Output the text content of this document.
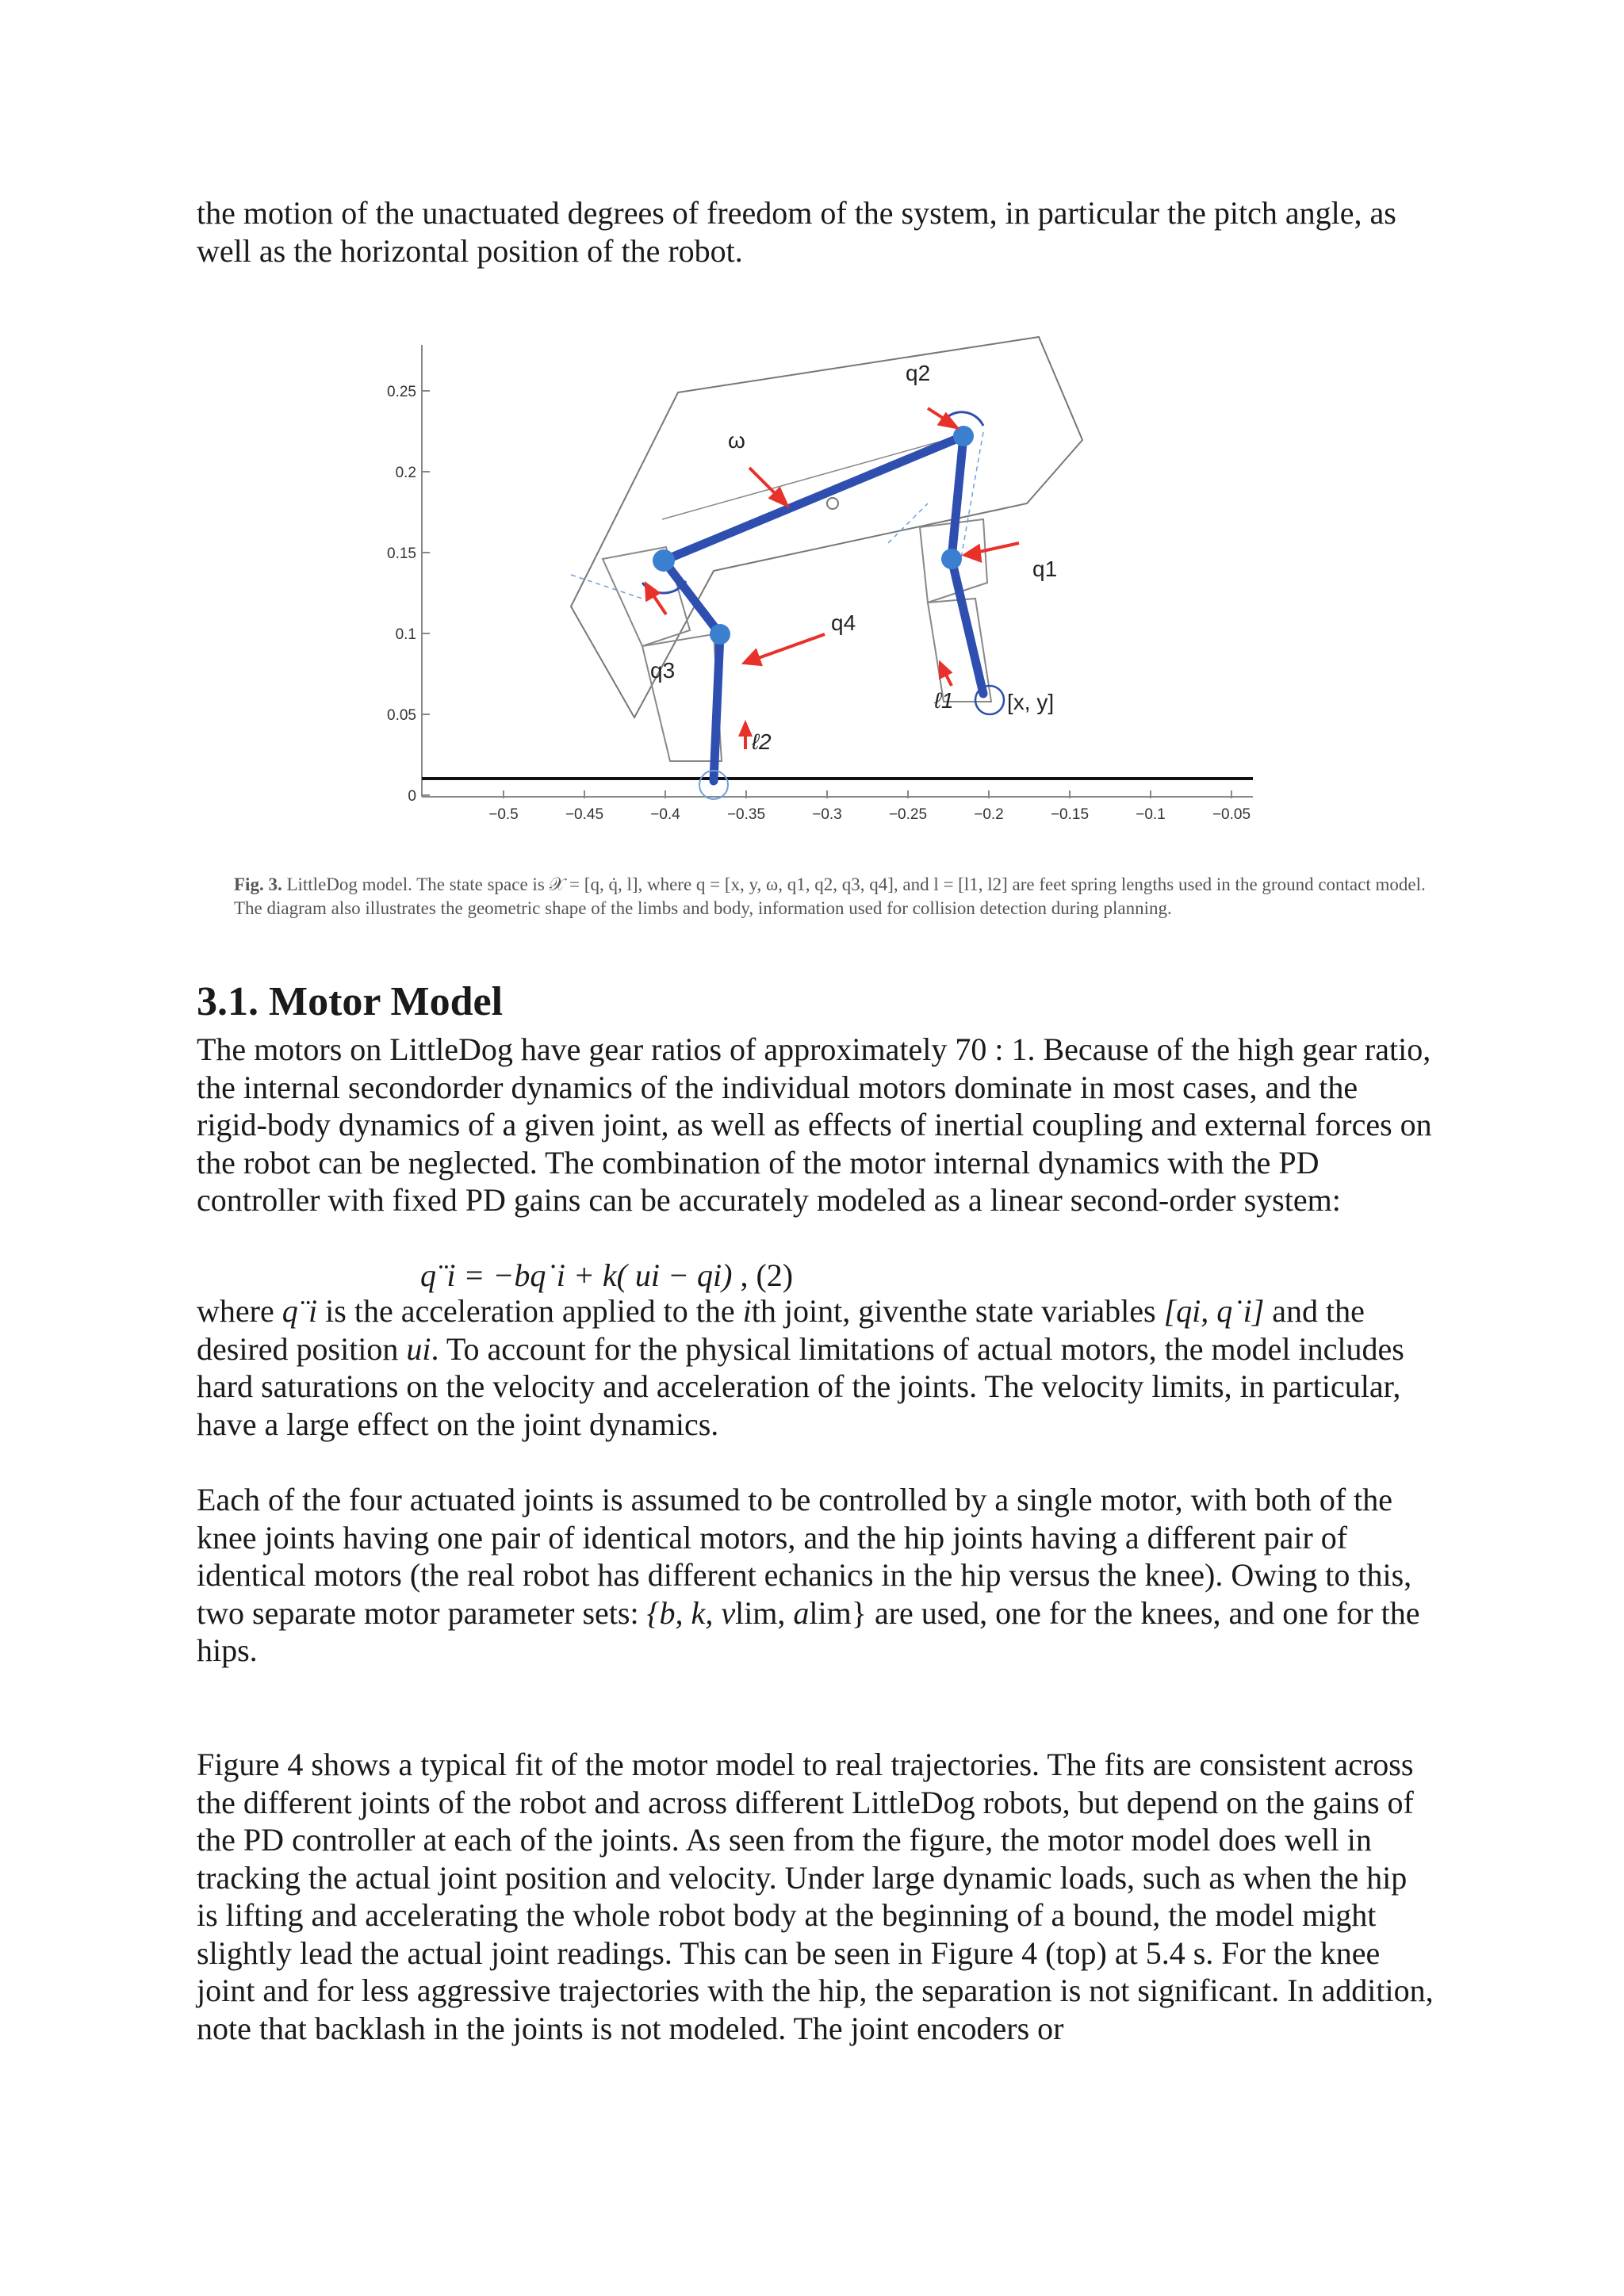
the motion of the unactuated degrees of freedom of the system, in particular the pitch angle, as well as the horizontal position of the robot.

0.25
0.2
0.15
0.1
0.05
0
−0.5	−0.45	−0.4	−0.35	−0.3	−0.25	−0.2	−0.15	−0.1	−0.05
ω
q2
q1
q4
q3
[x, y]
ℓ1
ℓ2

Fig. 3. LittleDog model. The state space is 𝒳 = [q, q̇, l], where q = [x, y, ω, q1, q2, q3, q4], and l = [l1, l2] are feet spring lengths used in the ground contact model. The diagram also illustrates the geometric shape of the limbs and body, information used for collision detection during planning.

3.1. Motor Model

The motors on LittleDog have gear ratios of approximately 70 : 1. Because of the high gear ratio, the internal secondorder dynamics of the individual motors dominate in most cases, and the rigid-body dynamics of a given joint, as well as effects of inertial coupling and external forces on the robot can be neglected. The combination of the motor internal dynamics with the PD controller with fixed PD gains can be accurately modeled as a linear second-order system:

q¨i = −bq˙i + k( ui − qi) , (2)

where q¨i is the acceleration applied to the ith joint, giventhe state variables [qi, q˙i] and the desired position ui. To account for the physical limitations of actual motors, the model includes hard saturations on the velocity and acceleration of the joints. The velocity limits, in particular, have a large effect on the joint dynamics.

Each of the four actuated joints is assumed to be controlled by a single motor, with both of the knee joints having one pair of identical motors, and the hip joints having a different pair of identical motors (the real robot has different echanics in the hip versus the knee). Owing to this, two separate motor parameter sets: {b, k, vlim, alim} are used, one for the knees, and one for the hips.

Figure 4 shows a typical fit of the motor model to real trajectories. The fits are consistent across the different joints of the robot and across different LittleDog robots, but depend on the gains of the PD controller at each of the joints. As seen from the figure, the motor model does well in tracking the actual joint position and velocity. Under large dynamic loads, such as when the hip is lifting and accelerating the whole robot body at the beginning of a bound, the model might slightly lead the actual joint readings. This can be seen in Figure 4 (top) at 5.4 s. For the knee joint and for less aggressive trajectories with the hip, the separation is not significant. In addition, note that backlash in the joints is not modeled. The joint encoders or
